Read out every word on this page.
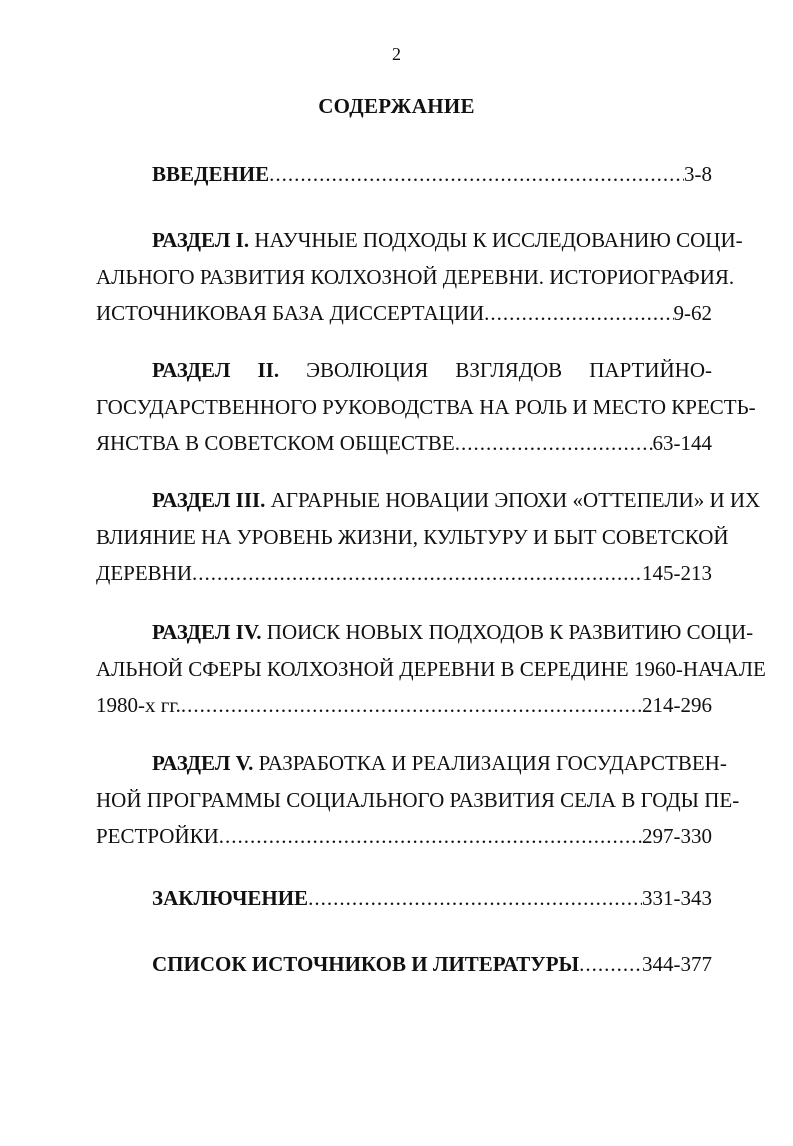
2
СОДЕРЖАНИЕ
ВВЕДЕНИЕ .....	3-8
РАЗДЕЛ I. НАУЧНЫЕ ПОДХОДЫ К ИССЛЕДОВАНИЮ СОЦИ-
АЛЬНОГО РАЗВИТИЯ КОЛХОЗНОЙ ДЕРЕВНИ. ИСТОРИОГРАФИЯ.
ИСТОЧНИКОВАЯ БАЗА ДИССЕРТАЦИИ .....	9-62
РАЗДЕЛ II. ЭВОЛЮЦИЯ ВЗГЛЯДОВ ПАРТИЙНО-
ГОСУДАРСТВЕННОГО РУКОВОДСТВА НА РОЛЬ И МЕСТО КРЕСТЬ-
ЯНСТВА В СОВЕТСКОМ ОБЩЕСТВЕ .....	63-144
РАЗДЕЛ III. АГРАРНЫЕ НОВАЦИИ ЭПОХИ «ОТТЕПЕЛИ» И ИХ
ВЛИЯНИЕ НА УРОВЕНЬ ЖИЗНИ, КУЛЬТУРУ И БЫТ СОВЕТСКОЙ
ДЕРЕВНИ .....	145-213
РАЗДЕЛ IV. ПОИСК НОВЫХ ПОДХОДОВ К РАЗВИТИЮ СОЦИ-
АЛЬНОЙ СФЕРЫ КОЛХОЗНОЙ ДЕРЕВНИ В СЕРЕДИНЕ 1960-НАЧАЛЕ
1980-х гг. .....	214-296
РАЗДЕЛ V. РАЗРАБОТКА И РЕАЛИЗАЦИЯ ГОСУДАРСТВЕН-
НОЙ ПРОГРАММЫ СОЦИАЛЬНОГО РАЗВИТИЯ СЕЛА В ГОДЫ ПЕ-
РЕСТРОЙКИ .....	297-330
ЗАКЛЮЧЕНИЕ .....	331-343
СПИСОК ИСТОЧНИКОВ И ЛИТЕРАТУРЫ .....	344-377
